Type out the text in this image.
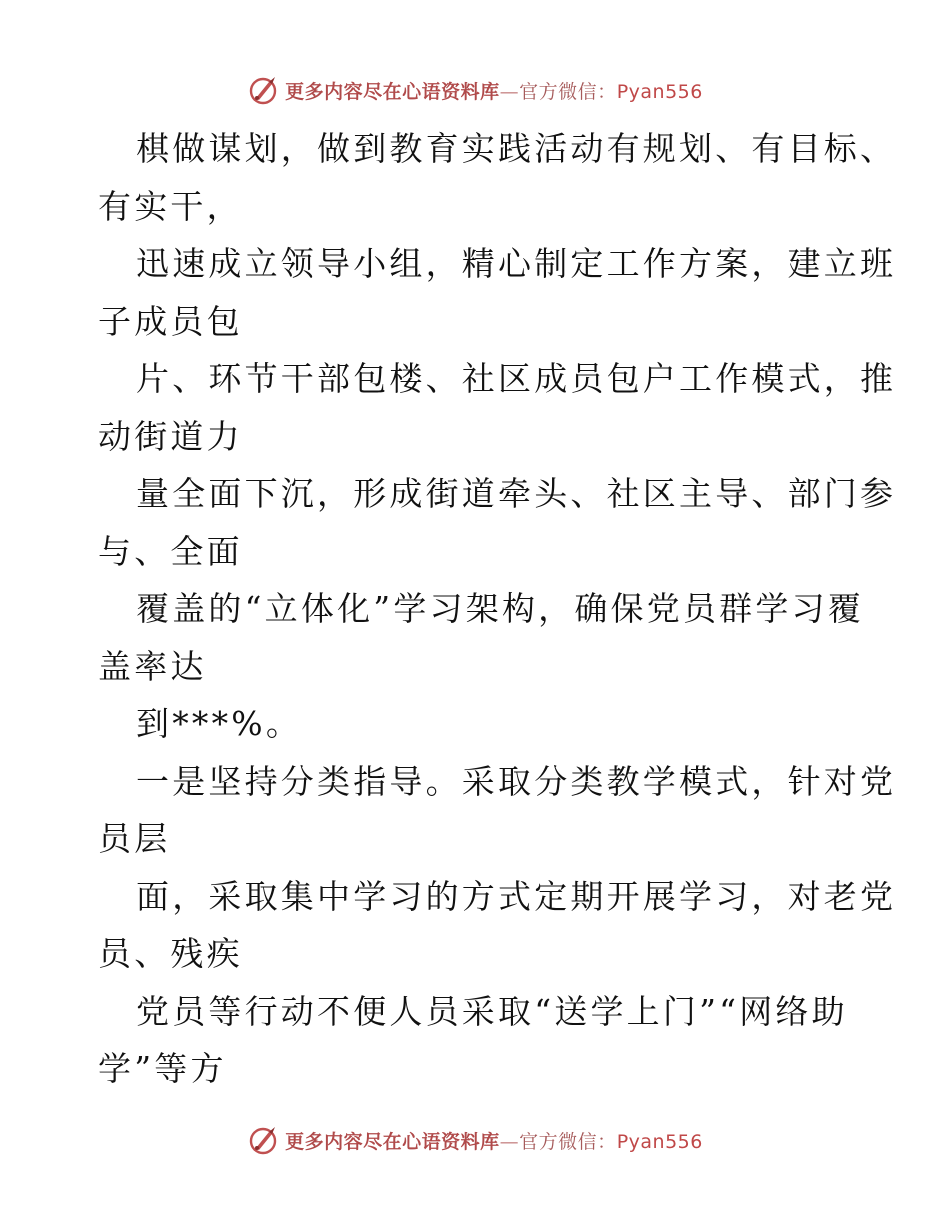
更多内容尽在心语资料库—官方微信：Pyan556
棋做谋划，做到教育实践活动有规划、有目标、
有实干，
迅速成立领导小组，精心制定工作方案，建立班
子成员包
片、环节干部包楼、社区成员包户工作模式，推
动街道力
量全面下沉，形成街道牵头、社区主导、部门参
与、全面
覆盖的“立体化”学习架构，确保党员群学习覆
盖率达
到***%。
一是坚持分类指导。采取分类教学模式，针对党
员层
面，采取集中学习的方式定期开展学习，对老党
员、残疾
党员等行动不便人员采取“送学上门”“网络助
学”等方
更多内容尽在心语资料库—官方微信：Pyan556
